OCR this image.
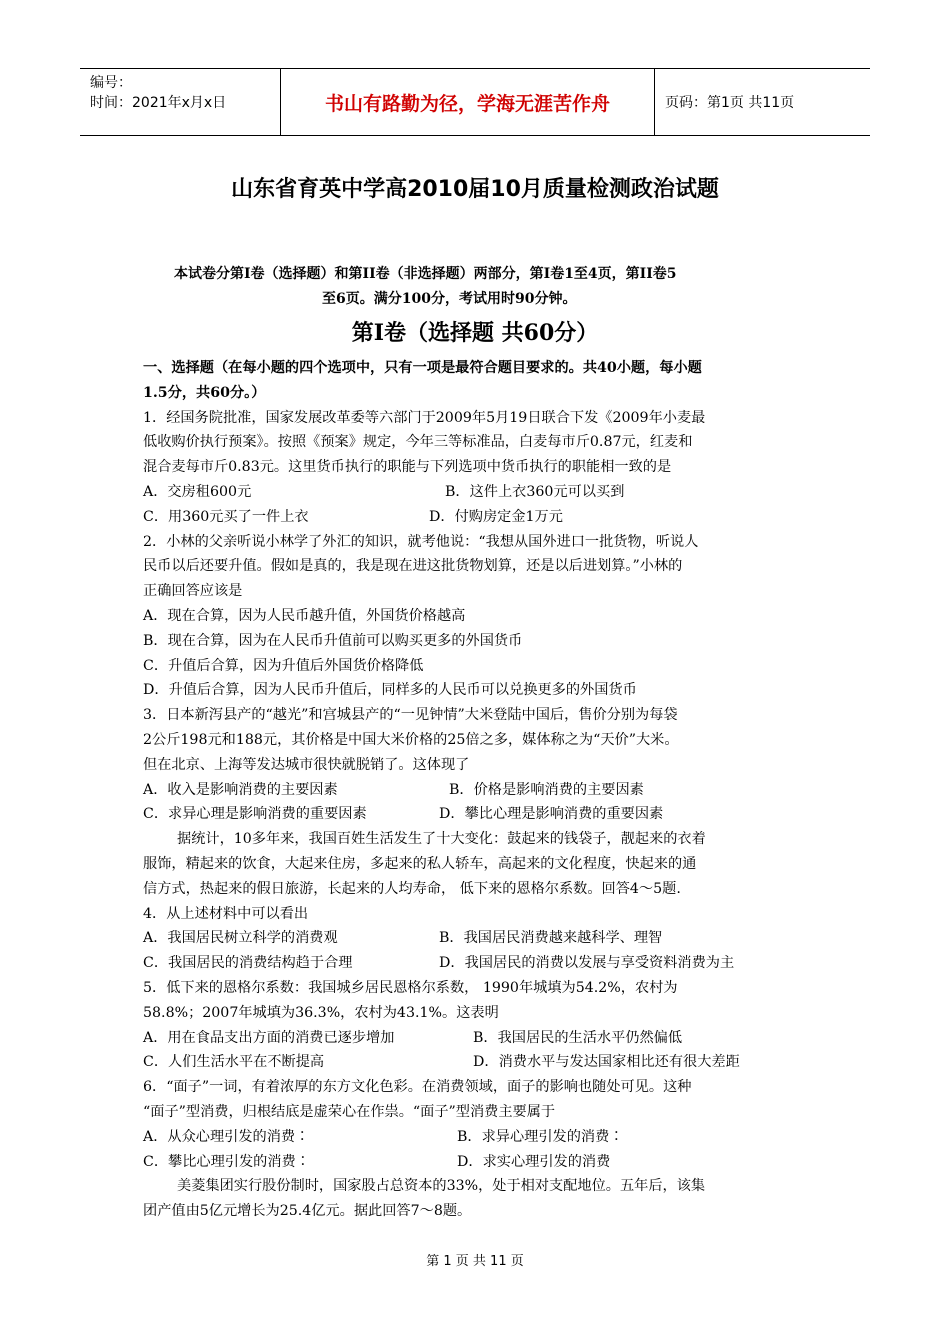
编号：
时间：2021年x月x日	书山有路勤为径，学海无涯苦作舟	页码：第1页 共11页
山东省育英中学高2010届10月质量检测政治试题
本试卷分第I卷（选择题）和第II卷（非选择题）两部分，第I卷1至4页，第II卷5
至6页。满分100分，考试用时90分钟。
第I卷（选择题 共60分）
一、选择题（在每小题的四个选项中，只有一项是最符合题目要求的。共40小题，每小题
1.5分，共60分。）
1．经国务院批准，国家发展改革委等六部门于2009年5月19日联合下发《2009年小麦最
低收购价执行预案》。按照《预案》规定，今年三等标准品，白麦每市斤0.87元，红麦和
混合麦每市斤0.83元。这里货币执行的职能与下列选项中货币执行的职能相一致的是
A．交房租600元	B．这件上衣360元可以买到
C．用360元买了一件上衣	D．付购房定金1万元
2．小林的父亲听说小林学了外汇的知识，就考他说：“我想从国外进口一批货物，听说人
民币以后还要升值。假如是真的，我是现在进这批货物划算，还是以后进划算。”小林的
正确回答应该是
A．现在合算，因为人民币越升值，外国货价格越高
B．现在合算，因为在人民币升值前可以购买更多的外国货币
C．升值后合算，因为升值后外国货价格降低
D．升值后合算，因为人民币升值后，同样多的人民币可以兑换更多的外国货币
3．日本新泻县产的“越光”和宫城县产的“一见钟情”大米登陆中国后，售价分别为每袋
2公斤198元和188元，其价格是中国大米价格的25倍之多，媒体称之为“天价”大米。
但在北京、上海等发达城市很快就脱销了。这体现了
A．收入是影响消费的主要因素	B．价格是影响消费的主要因素
C．求异心理是影响消费的重要因素	D．攀比心理是影响消费的重要因素
据统计，10多年来，我国百姓生活发生了十大变化：鼓起来的钱袋子，靓起来的衣着
服饰，精起来的饮食，大起来住房，多起来的私人轿车，高起来的文化程度，快起来的通
信方式，热起来的假日旅游，长起来的人均寿命， 低下来的恩格尔系数。回答4～5题.
4．从上述材料中可以看出
A．我国居民树立科学的消费观	B．我国居民消费越来越科学、理智
C．我国居民的消费结构趋于合理	D．我国居民的消费以发展与享受资料消费为主
5．低下来的恩格尔系数：我国城乡居民恩格尔系数， 1990年城填为54.2%，农村为
58.8%；2007年城填为36.3%，农村为43.1%。这表明
A．用在食品支出方面的消费已逐步增加	B．我国居民的生活水平仍然偏低
C．人们生活水平在不断提高	D．消费水平与发达国家相比还有很大差距
6．“面子”一词，有着浓厚的东方文化色彩。在消费领域，面子的影响也随处可见。这种
“面子”型消费，归根结底是虚荣心在作祟。“面子”型消费主要属于
A．从众心理引发的消费∶	B．求异心理引发的消费∶
C．攀比心理引发的消费∶	D．求实心理引发的消费
美菱集团实行股份制时，国家股占总资本的33%，处于相对支配地位。五年后，该集
团产值由5亿元增长为25.4亿元。据此回答7～8题。
第 1 页 共 11 页
